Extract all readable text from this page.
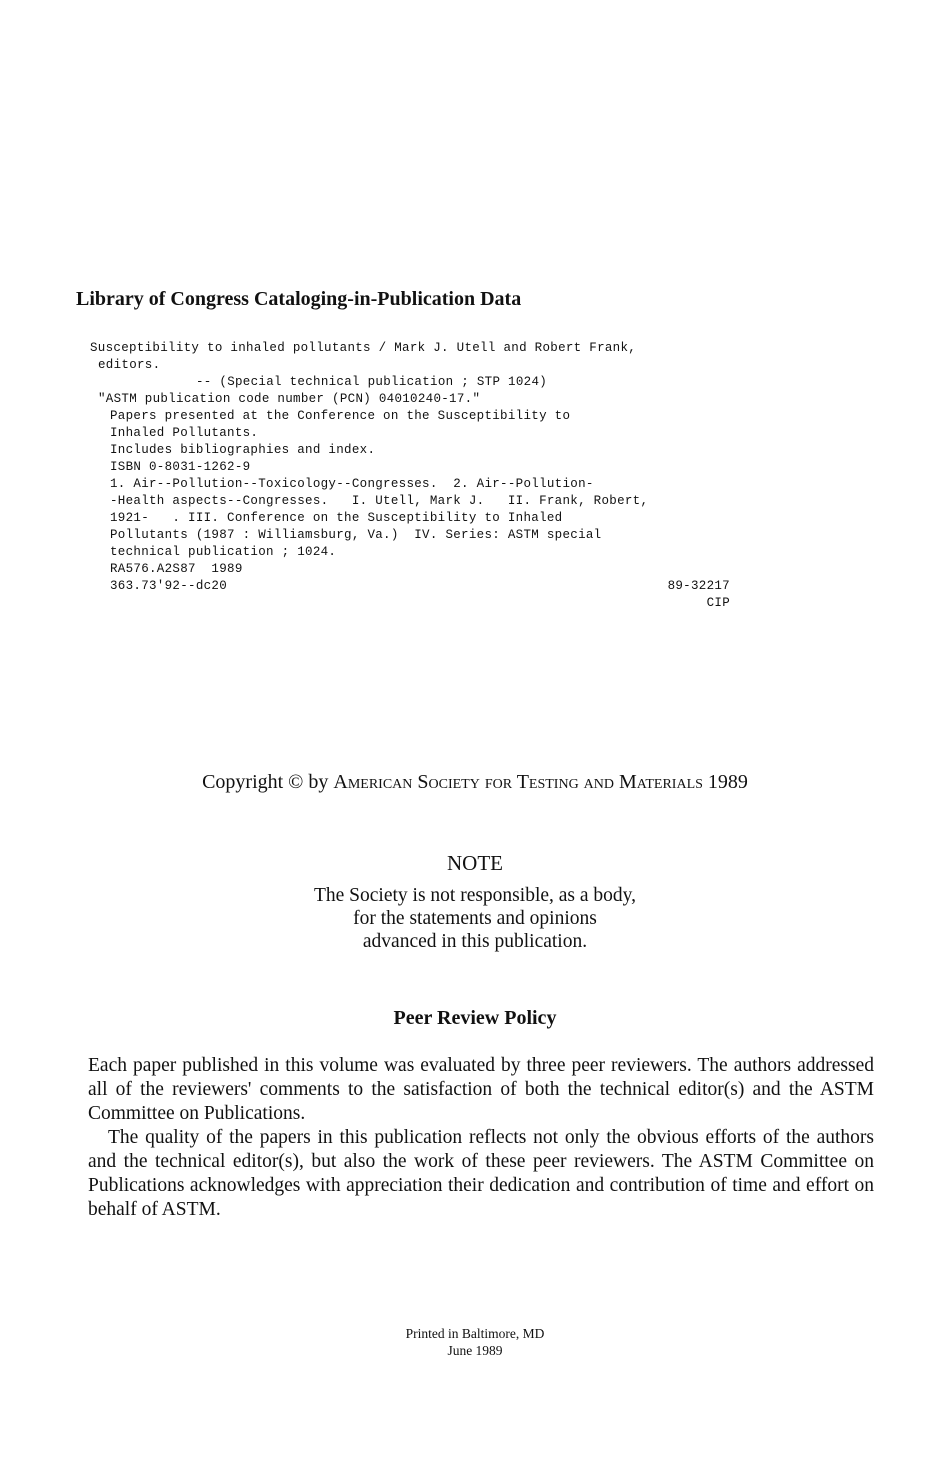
Library of Congress Cataloging-in-Publication Data
Susceptibility to inhaled pollutants / Mark J. Utell and Robert Frank,
editors.
-- (Special technical publication ; STP 1024)
"ASTM publication code number (PCN) 04010240-17."
Papers presented at the Conference on the Susceptibility to
Inhaled Pollutants.
Includes bibliographies and index.
ISBN 0-8031-1262-9
1. Air--Pollution--Toxicology--Congresses.  2. Air--Pollution-
-Health aspects--Congresses.   I. Utell, Mark J.   II. Frank, Robert,
1921-   . III. Conference on the Susceptibility to Inhaled
Pollutants (1987 : Williamsburg, Va.)  IV. Series: ASTM special
technical publication ; 1024.
RA576.A2S87  1989
363.73'92--dc20	89-32217
CIP
Copyright © by American Society for Testing and Materials 1989
NOTE
The Society is not responsible, as a body,
for the statements and opinions
advanced in this publication.
Peer Review Policy

Each paper published in this volume was evaluated by three peer reviewers. The authors addressed all of the reviewers' comments to the satisfaction of both the technical editor(s) and the ASTM Committee on Publications.

The quality of the papers in this publication reflects not only the obvious efforts of the authors and the technical editor(s), but also the work of these peer reviewers. The ASTM Committee on Publications acknowledges with appreciation their dedication and contribution of time and effort on behalf of ASTM.

Printed in Baltimore, MD
June 1989
